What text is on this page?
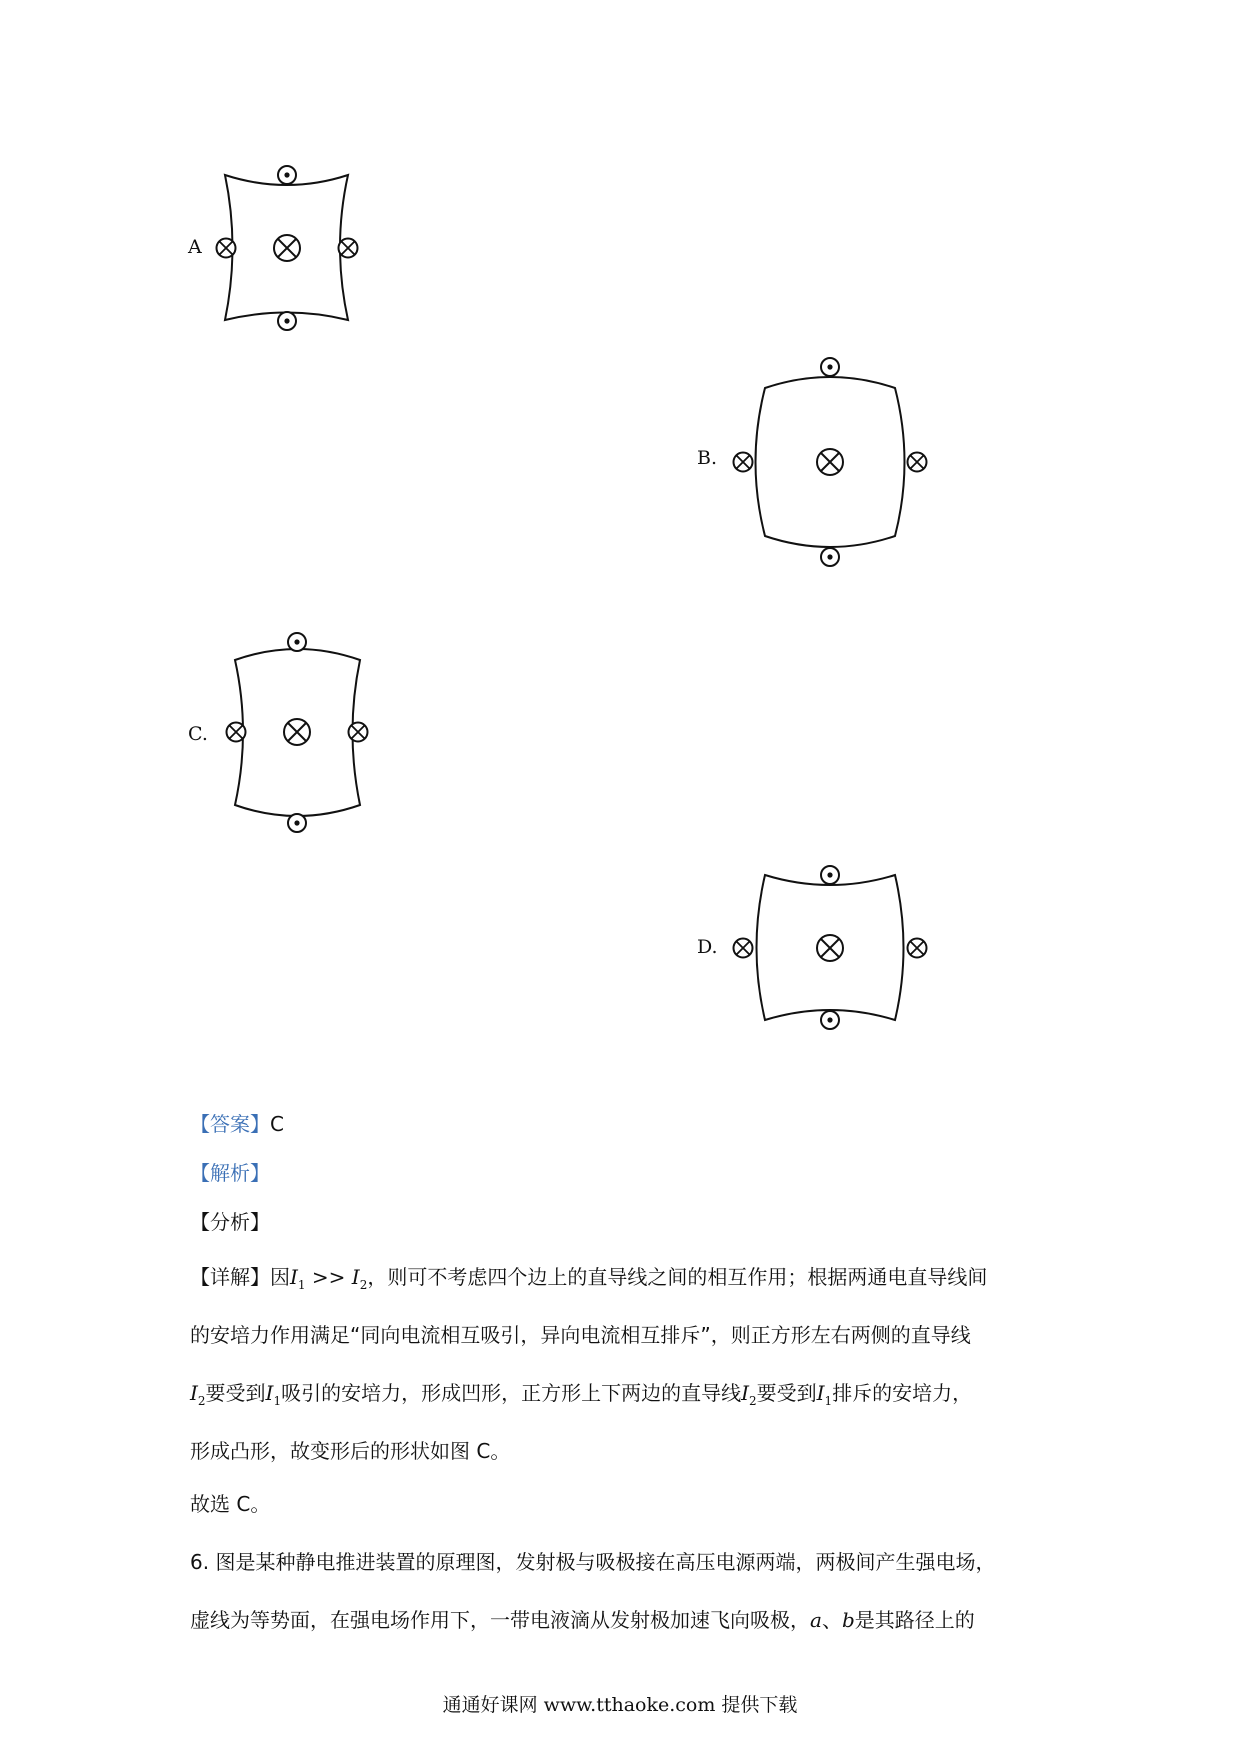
A
B.
C.
D.
【答案】C
【解析】
【分析】
【详解】因$I_1 >> I_2$，则可不考虑四个边上的直导线之间的相互作用；根据两通电直导线间
的安培力作用满足“同向电流相互吸引，异向电流相互排斥”，则正方形左右两侧的直导线
$I_2$要受到$I_1$吸引的安培力，形成凹形，正方形上下两边的直导线$I_2$要受到$I_1$排斥的安培力，
形成凸形，故变形后的形状如图 C。
故选 C。
6. 图是某种静电推进装置的原理图，发射极与吸极接在高压电源两端，两极间产生强电场，
虚线为等势面，在强电场作用下，一带电液滴从发射极加速飞向吸极，a、b是其路径上的
通通好课网 www.tthaoke.com 提供下载
